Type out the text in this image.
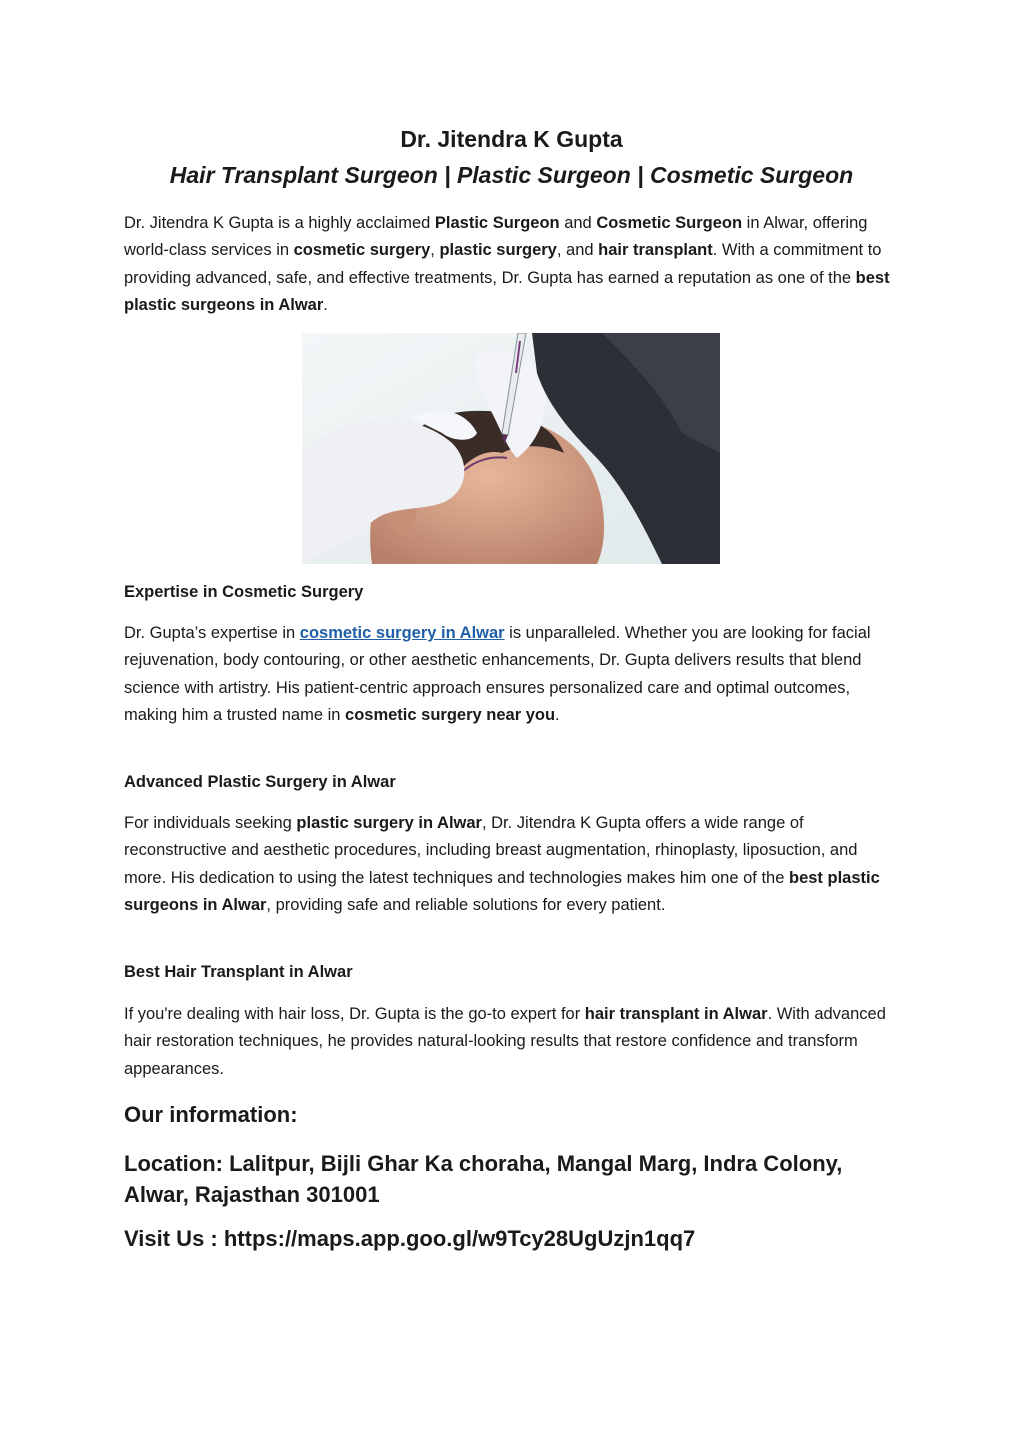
Dr. Jitendra K Gupta
Hair Transplant Surgeon | Plastic Surgeon | Cosmetic Surgeon

Dr. Jitendra K Gupta is a highly acclaimed Plastic Surgeon and Cosmetic Surgeon in Alwar, offering world-class services in cosmetic surgery, plastic surgery, and hair transplant. With a commitment to providing advanced, safe, and effective treatments, Dr. Gupta has earned a reputation as one of the best plastic surgeons in Alwar.

Expertise in Cosmetic Surgery

Dr. Gupta’s expertise in cosmetic surgery in Alwar is unparalleled. Whether you are looking for facial rejuvenation, body contouring, or other aesthetic enhancements, Dr. Gupta delivers results that blend science with artistry. His patient-centric approach ensures personalized care and optimal outcomes, making him a trusted name in cosmetic surgery near you.

Advanced Plastic Surgery in Alwar

For individuals seeking plastic surgery in Alwar, Dr. Jitendra K Gupta offers a wide range of reconstructive and aesthetic procedures, including breast augmentation, rhinoplasty, liposuction, and more. His dedication to using the latest techniques and technologies makes him one of the best plastic surgeons in Alwar, providing safe and reliable solutions for every patient.

Best Hair Transplant in Alwar

If you're dealing with hair loss, Dr. Gupta is the go-to expert for hair transplant in Alwar. With advanced hair restoration techniques, he provides natural-looking results that restore confidence and transform appearances.

Our information:

Location: Lalitpur, Bijli Ghar Ka choraha, Mangal Marg, Indra Colony, Alwar, Rajasthan 301001

Visit Us : https://maps.app.goo.gl/w9Tcy28UgUzjn1qq7
